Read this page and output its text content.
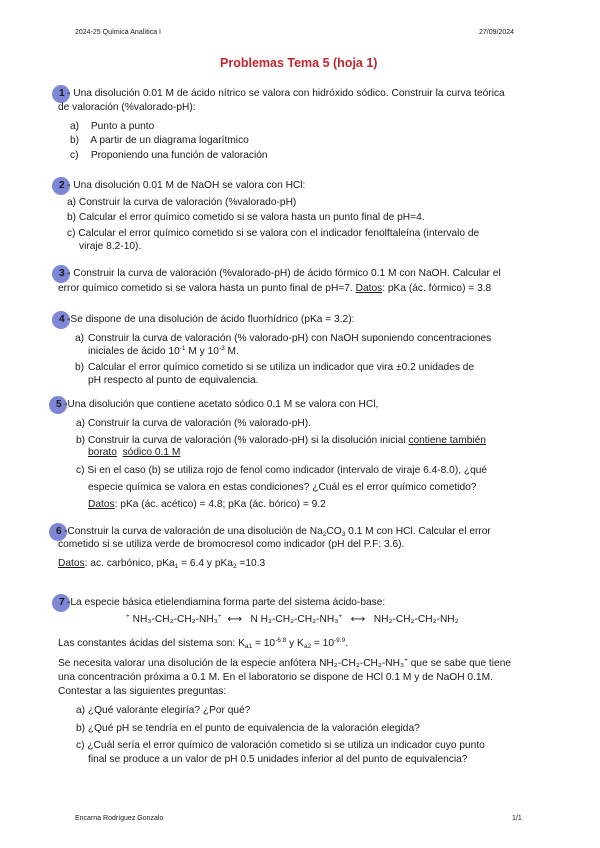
2024-25 Química Analítica I	27/09/2024
Problemas Tema 5 (hoja 1)
1 - Una disolución 0.01 M de ácido nítrico se valora con hidróxido sódico. Construir la curva teórica
de valoración (%valorado-pH):
a) Punto a punto
b) A partir de un diagrama logarítmico
c) Proponiendo una función de valoración
2 - Una disolución 0.01 M de NaOH se valora con HCl:
a) Construir la curva de valoración (%valorado-pH)
b) Calcular el error químico cometido si se valora hasta un punto final de pH=4.
c) Calcular el error químico cometido si se valora con el indicador fenolftaleína (intervalo de
viraje 8.2-10).
3 - Construir la curva de valoración (%valorado-pH) de ácido fórmico 0.1 M con NaOH. Calcular el
error químico cometido si se valora hasta un punto final de pH=7. Datos: pKa (ác. fórmico) = 3.8
4 -Se dispone de una disolución de ácido fluorhídrico (pKa = 3.2):
a) Construir la curva de valoración (% valorado-pH) con NaOH suponiendo concentraciones
iniciales de ácido $10^{-1}$ M y $10^{-3}$ M.
b) Calcular el error químico cometido si se utiliza un indicador que vira ±0.2 unidades de
pH respecto al punto de equivalencia.
5 -Una disolución que contiene acetato sódico 0.1 M se valora con HCl,
a) Construir la curva de valoración (% valorado-pH).
b) Construir la curva de valoración (% valorado-pH) si la disolución inicial contiene también
borato sódico 0.1 M
c) Si en el caso (b) se utiliza rojo de fenol como indicador (intervalo de viraje 6.4-8.0), ¿qué
especie química se valora en estas condiciones? ¿Cuál es el error químico cometido?
Datos: pKa (ác. acético) = 4.8; pKa (ác. bórico) = 9.2
6 -Construir la curva de valoración de una disolución de $Na_2CO_3$ 0.1 M con HCl. Calcular el error
cometido si se utiliza verde de bromocresol como indicador (pH del P.F: 3.6).
Datos: ac. carbónico, pKa$_1$ = 6.4 y pKa$_2$ =10.3
7 -La especie básica etielendiamina forma parte del sistema ácido-base:
+ NH₃-CH₂-CH₂-NH₃+ ⟷ N H₂-CH₂-CH₂-NH₃+ ⟷ NH₂-CH₂-CH₂-NH₂
Las constantes ácidas del sistema son: $K_{a1} = 10^{-6.8}$ y $K_{a2} = 10^{-9.9}$.
Se necesita valorar una disolución de la especie anfótera NH₂-CH₂-CH₂-NH₃+ que se sabe que tiene
una concentración próxima a 0.1 M. En el laboratorio se dispone de HCl 0.1 M y de NaOH 0.1M.
Contestar a las siguientes preguntas:
a) ¿Qué valorante elegiría? ¿Por qué?
b) ¿Qué pH se tendría en el punto de equivalencia de la valoración elegida?
c) ¿Cuál sería el error químico de valoración cometido si se utiliza un indicador cuyo punto
final se produce a un valor de pH 0.5 unidades inferior al del punto de equivalencia?
Encarna Rodríguez Gonzalo	1/1
